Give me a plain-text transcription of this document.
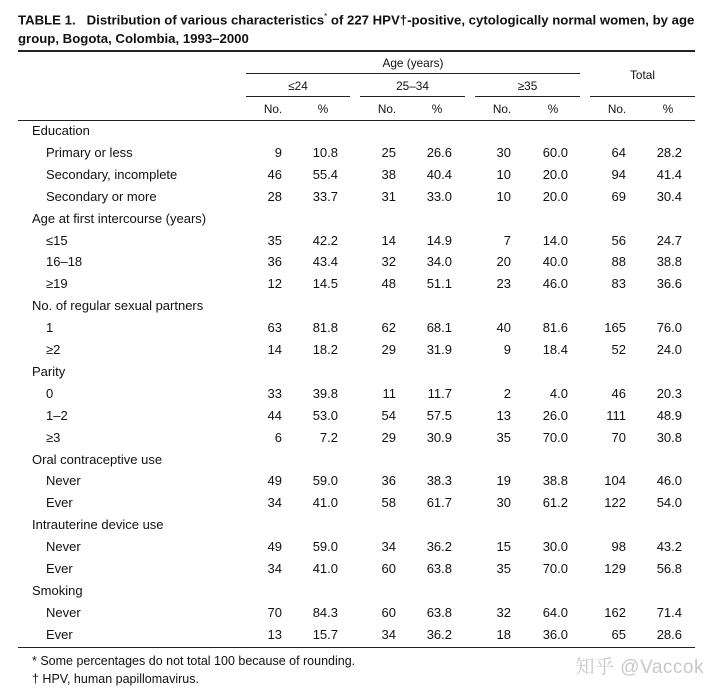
TABLE 1. Distribution of various characteristics* of 227 HPV†-positive, cytologically normal women, by age group, Bogota, Colombia, 1993–2000
Age (years)
Total
≤24	25–34	≥35
No.	%	No.	%	No.	%	No.	%
Education
Primary or less	9 10.8	25 26.6	30 60.0	64 28.2
Secondary, incomplete	46 55.4	38 40.4	10 20.0	94 41.4
Secondary or more	28 33.7	31 33.0	10 20.0	69 30.4
Age at first intercourse (years)
≤15	35 42.2	14 14.9	7 14.0	56 24.7
16–18	36 43.4	32 34.0	20 40.0	88 38.8
≥19	12 14.5	48 51.1	23 46.0	83 36.6
No. of regular sexual partners
1	63 81.8	62 68.1	40 81.6	165 76.0
≥2	14 18.2	29 31.9	9 18.4	52 24.0
Parity
0	33 39.8	11 11.7	2	4.0	46 20.3
1–2	44 53.0	54 57.5	13 26.0	111 48.9
≥3	6	7.2	29 30.9	35 70.0	70 30.8
Oral contraceptive use
Never	49 59.0	36 38.3	19 38.8	104 46.0
Ever	34 41.0	58 61.7	30 61.2	122 54.0
Intrauterine device use
Never	49 59.0	34 36.2	15 30.0	98 43.2
Ever	34 41.0	60 63.8	35 70.0	129 56.8
Smoking
Never	70 84.3	60 63.8	32 64.0	162 71.4
Ever	13 15.7	34 36.2	18 36.0	65 28.6
* Some percentages do not total 100 because of rounding.
† HPV, human papillomavirus.
知乎 @Vaccok
